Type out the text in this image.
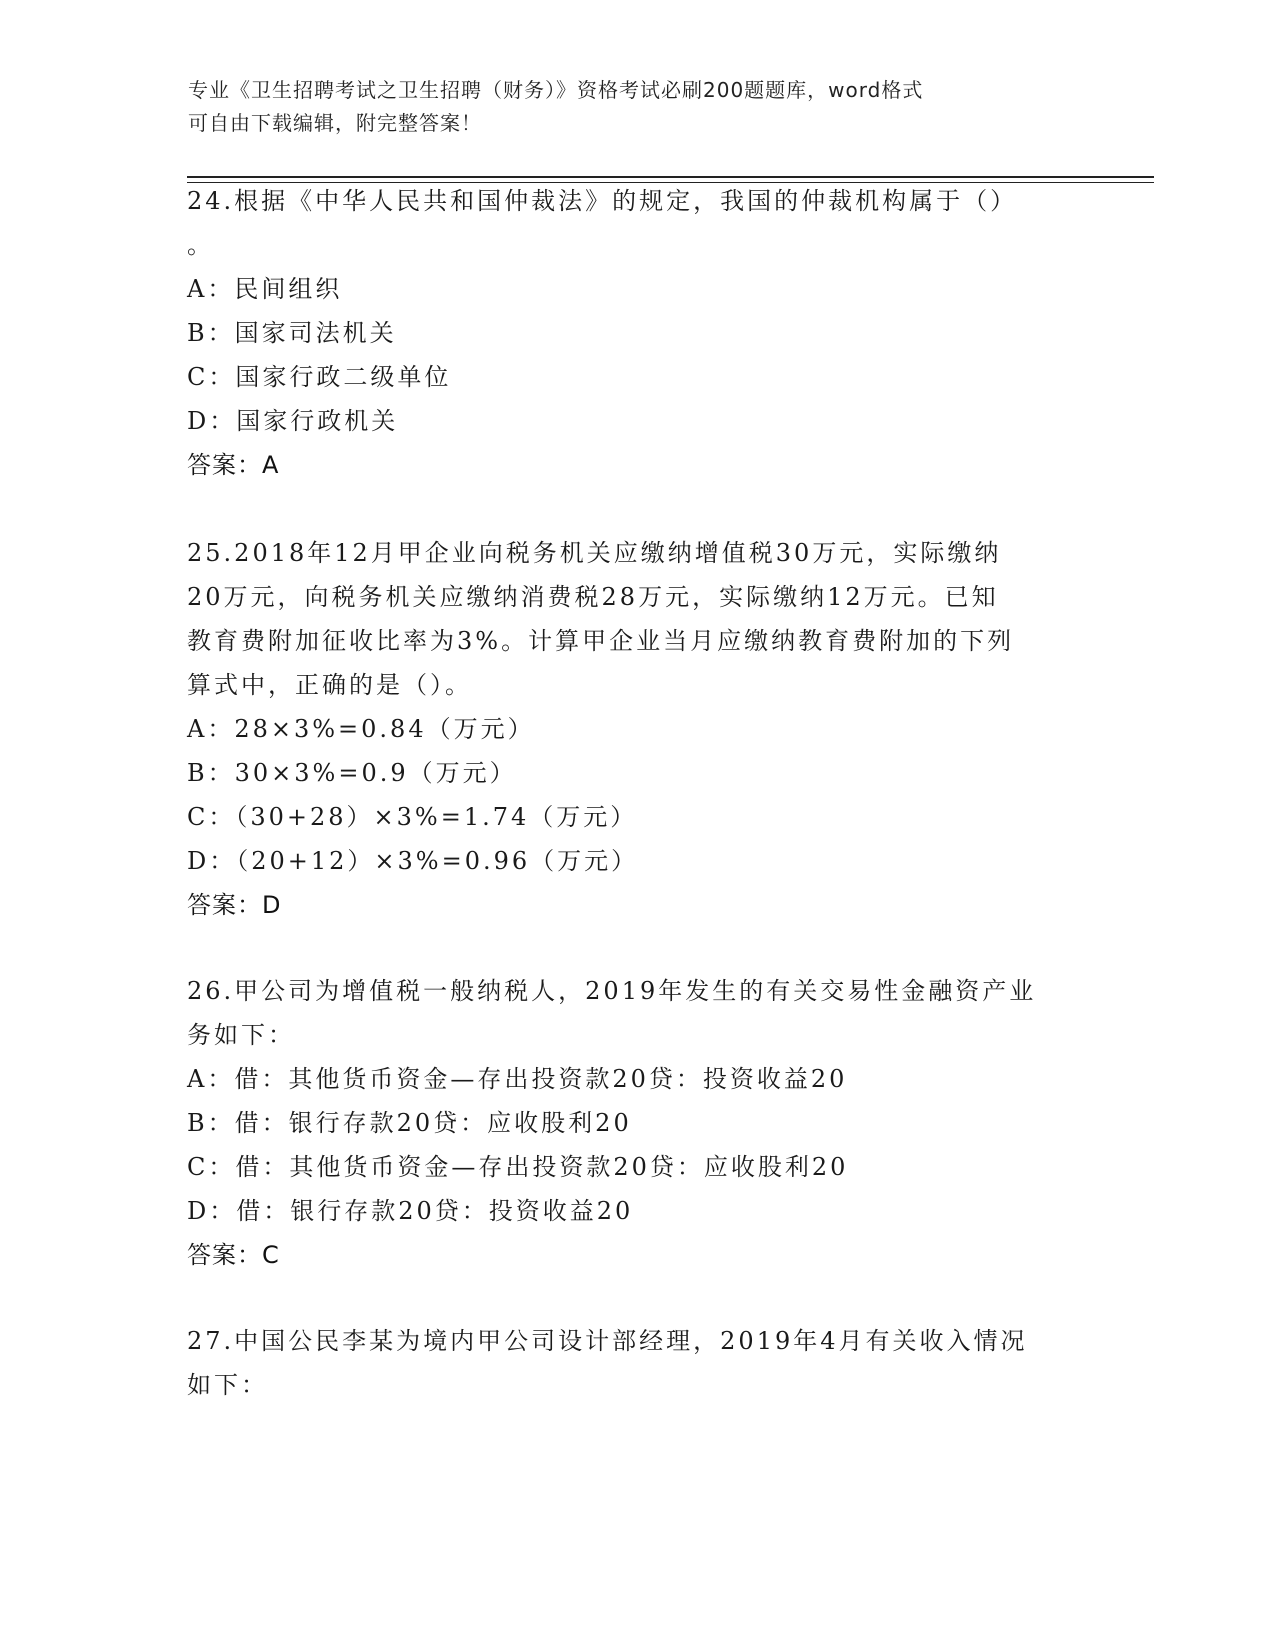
专业《卫生招聘考试之卫生招聘（财务）》资格考试必刷200题题库，word格式
可自由下载编辑，附完整答案！
24.根据《中华人民共和国仲裁法》的规定，我国的仲裁机构属于（）
。
A：民间组织
B：国家司法机关
C：国家行政二级单位
D：国家行政机关
答案：A
25.2018年12月甲企业向税务机关应缴纳增值税30万元，实际缴纳
20万元，向税务机关应缴纳消费税28万元，实际缴纳12万元。已知
教育费附加征收比率为3%。计算甲企业当月应缴纳教育费附加的下列
算式中，正确的是（）。
A：28×3%=0.84（万元）
B：30×3%=0.9（万元）
C：（30+28）×3%=1.74（万元）
D：（20+12）×3%=0.96（万元）
答案：D
26.甲公司为增值税一般纳税人，2019年发生的有关交易性金融资产业
务如下：
A：借：其他货币资金—存出投资款20贷：投资收益20
B：借：银行存款20贷：应收股利20
C：借：其他货币资金—存出投资款20贷：应收股利20
D：借：银行存款20贷：投资收益20
答案：C
27.中国公民李某为境内甲公司设计部经理，2019年4月有关收入情况
如下：
